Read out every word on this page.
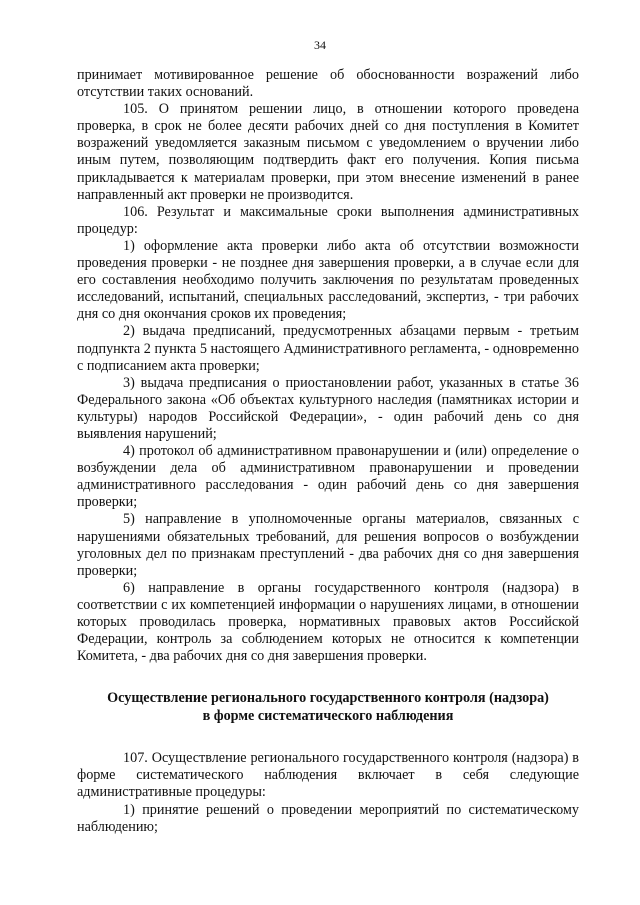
34

принимает мотивированное решение об обоснованности возражений либо отсутствии таких оснований.

105. О принятом решении лицо, в отношении которого проведена проверка, в срок не более десяти рабочих дней со дня поступления в Комитет возражений уведомляется заказным письмом с уведомлением о вручении либо иным путем, позволяющим подтвердить факт его получения. Копия письма прикладывается к материалам проверки, при этом внесение изменений в ранее направленный акт проверки не производится.

106. Результат и максимальные сроки выполнения административных процедур:

1) оформление акта проверки либо акта об отсутствии возможности проведения проверки - не позднее дня завершения проверки, а в случае если для его составления необходимо получить заключения по результатам проведенных исследований, испытаний, специальных расследований, экспертиз, - три рабочих дня со дня окончания сроков их проведения;

2) выдача предписаний, предусмотренных абзацами первым - третьим подпункта 2 пункта 5 настоящего Административного регламента, - одновременно с подписанием акта проверки;

3) выдача предписания о приостановлении работ, указанных в статье 36 Федерального закона «Об объектах культурного наследия (памятниках истории и культуры) народов Российской Федерации», - один рабочий день со дня выявления нарушений;

4) протокол об административном правонарушении и (или) определение о возбуждении дела об административном правонарушении и проведении административного расследования - один рабочий день со дня завершения проверки;

5) направление в уполномоченные органы материалов, связанных с нарушениями обязательных требований, для решения вопросов о возбуждении уголовных дел по признакам преступлений - два рабочих дня со дня завершения проверки;

6) направление в органы государственного контроля (надзора) в соответствии с их компетенцией информации о нарушениях лицами, в отношении которых проводилась проверка, нормативных правовых актов Российской Федерации, контроль за соблюдением которых не относится к компетенции Комитета, - два рабочих дня со дня завершения проверки.

Осуществление регионального государственного контроля (надзора)
в форме систематического наблюдения

107. Осуществление регионального государственного контроля (надзора) в форме систематического наблюдения включает в себя следующие административные процедуры:

1) принятие решений о проведении мероприятий по систематическому наблюдению;
